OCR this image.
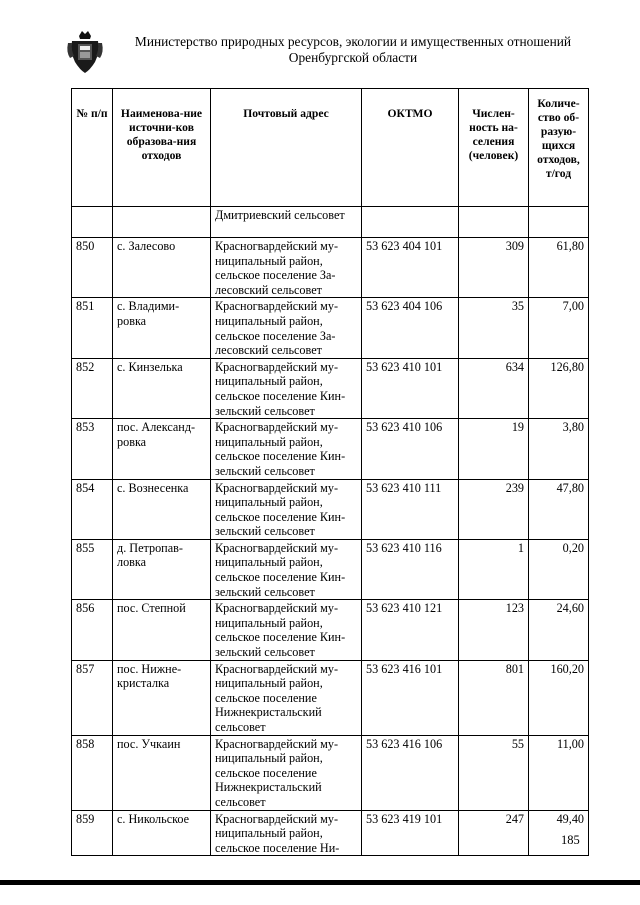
Министерство природных ресурсов, экологии и имущественных отношений
Оренбургской области
№ п/п	Наименова-ние источни-ков образова-ния отходов	Почтовый адрес	ОКТМО	Числен-ность на-селения (человек)	Количе-ство об-разую-щихся отходов, т/год
		Дмитриевский сельсовет			
850	с. Залесово	Красногвардейский му-ниципальный район, сельское поселение За-лесовский сельсовет	53 623 404 101	309	61,80
851	с. Владими-ровка	Красногвардейский му-ниципальный район, сельское поселение За-лесовский сельсовет	53 623 404 106	35	7,00
852	с. Кинзелька	Красногвардейский му-ниципальный район, сельское поселение Кин-зельский сельсовет	53 623 410 101	634	126,80
853	пос. Александ-ровка	Красногвардейский му-ниципальный район, сельское поселение Кин-зельский сельсовет	53 623 410 106	19	3,80
854	с. Вознесенка	Красногвардейский му-ниципальный район, сельское поселение Кин-зельский сельсовет	53 623 410 111	239	47,80
855	д. Петропав-ловка	Красногвардейский му-ниципальный район, сельское поселение Кин-зельский сельсовет	53 623 410 116	1	0,20
856	пос. Степной	Красногвардейский му-ниципальный район, сельское поселение Кин-зельский сельсовет	53 623 410 121	123	24,60
857	пос. Нижне-кристалка	Красногвардейский му-ниципальный район, сельское поселение Нижнекристальский сельсовет	53 623 416 101	801	160,20
858	пос. Учкаин	Красногвардейский му-ниципальный район, сельское поселение Нижнекристальский сельсовет	53 623 416 106	55	11,00
859	с. Никольское	Красногвардейский му-ниципальный район, сельское поселение Ни-	53 623 419 101	247	49,40
185
